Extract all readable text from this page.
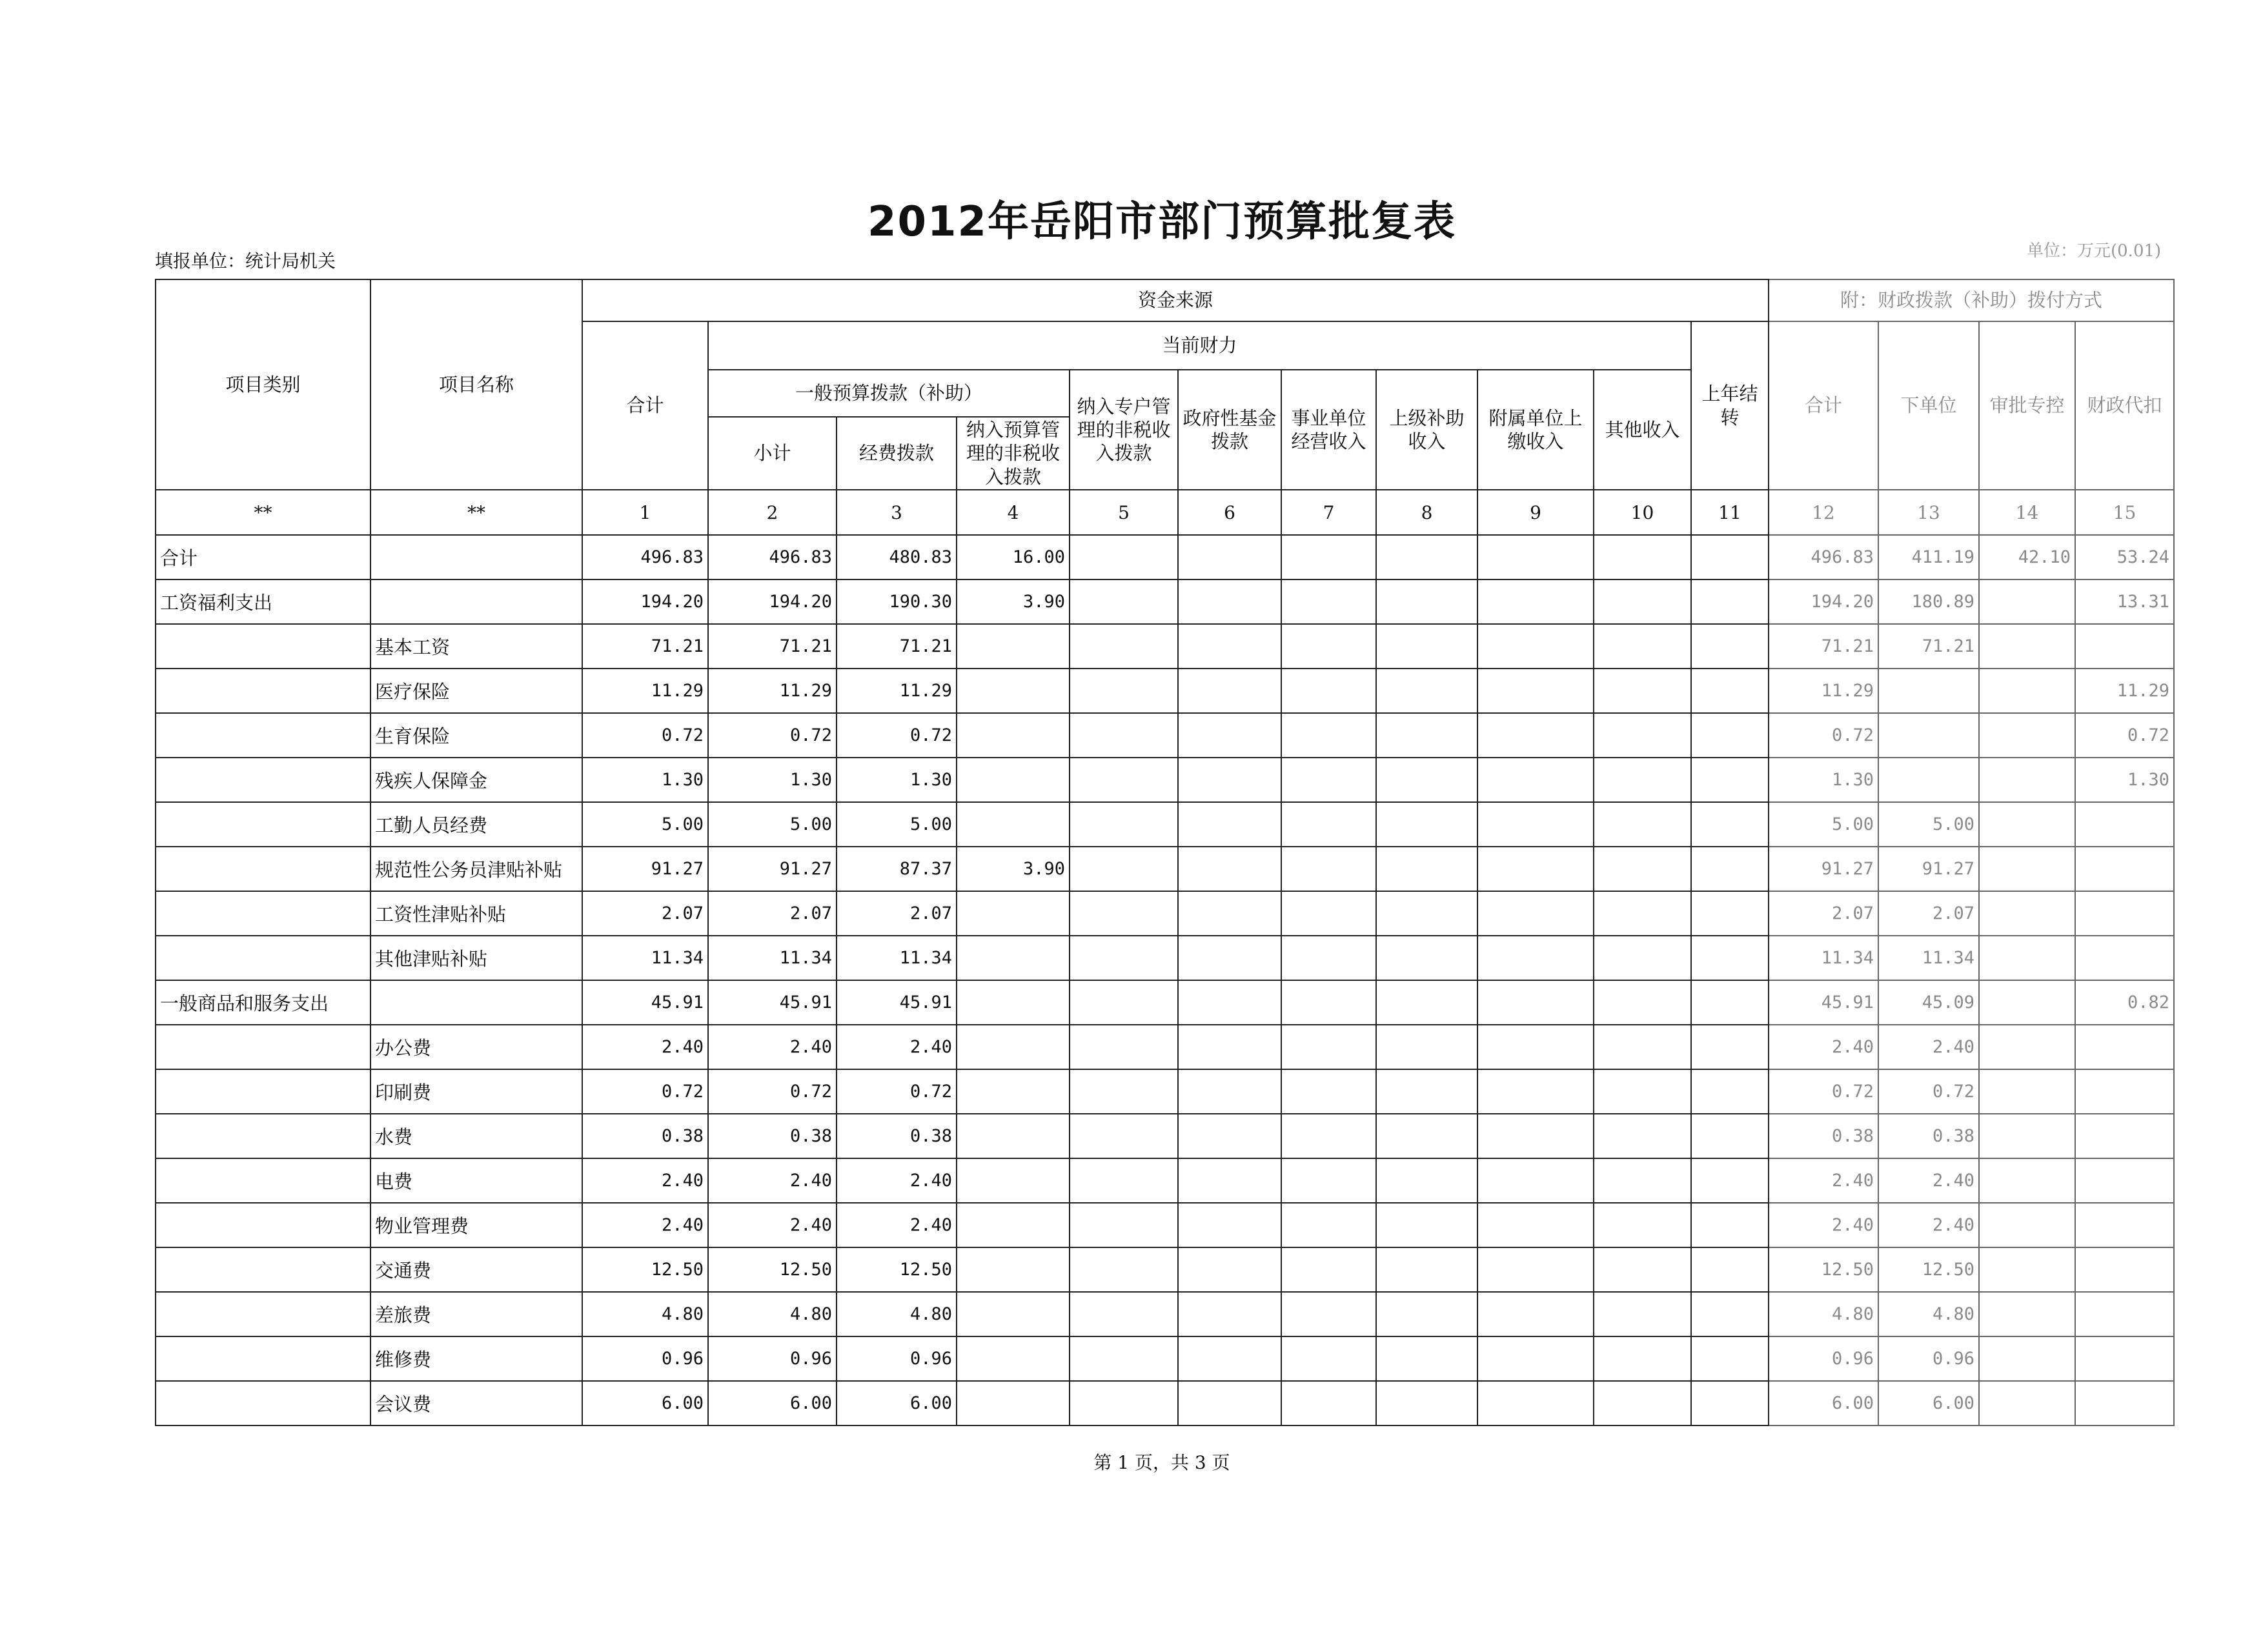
2012年岳阳市部门预算批复表
填报单位：统计局机关	单位：万元(0.01)
项目类别	项目名称	资金来源											附：财政拨款（补助）拨付方式			
		合计	当前财力									上年结转	合计	下单位	审批专控	财政代扣
			一般预算拨款（补助）			纳入专户管理的非税收入拨款	政府性基金拨款	事业单位经营收入	上级补助收入	附属单位上缴收入	其他收入					
			小计	经费拨款	纳入预算管理的非税收入拨款											
**	**	1	2	3	4	5	6	7	8	9	10	11	12	13	14	15
合计		496.83	496.83	480.83	16.00								496.83	411.19	42.10	53.24
工资福利支出		194.20	194.20	190.30	3.90								194.20	180.89		13.31
	基本工资	71.21	71.21	71.21									71.21	71.21		
	医疗保险	11.29	11.29	11.29									11.29			11.29
	生育保险	0.72	0.72	0.72									0.72			0.72
	残疾人保障金	1.30	1.30	1.30									1.30			1.30
	工勤人员经费	5.00	5.00	5.00									5.00	5.00		
	规范性公务员津贴补贴	91.27	91.27	87.37	3.90								91.27	91.27		
	工资性津贴补贴	2.07	2.07	2.07									2.07	2.07		
	其他津贴补贴	11.34	11.34	11.34									11.34	11.34		
一般商品和服务支出		45.91	45.91	45.91									45.91	45.09		0.82
	办公费	2.40	2.40	2.40									2.40	2.40		
	印刷费	0.72	0.72	0.72									0.72	0.72		
	水费	0.38	0.38	0.38									0.38	0.38		
	电费	2.40	2.40	2.40									2.40	2.40		
	物业管理费	2.40	2.40	2.40									2.40	2.40		
	交通费	12.50	12.50	12.50									12.50	12.50		
	差旅费	4.80	4.80	4.80									4.80	4.80		
	维修费	0.96	0.96	0.96									0.96	0.96		
	会议费	6.00	6.00	6.00									6.00	6.00		
第 1 页，共 3 页
